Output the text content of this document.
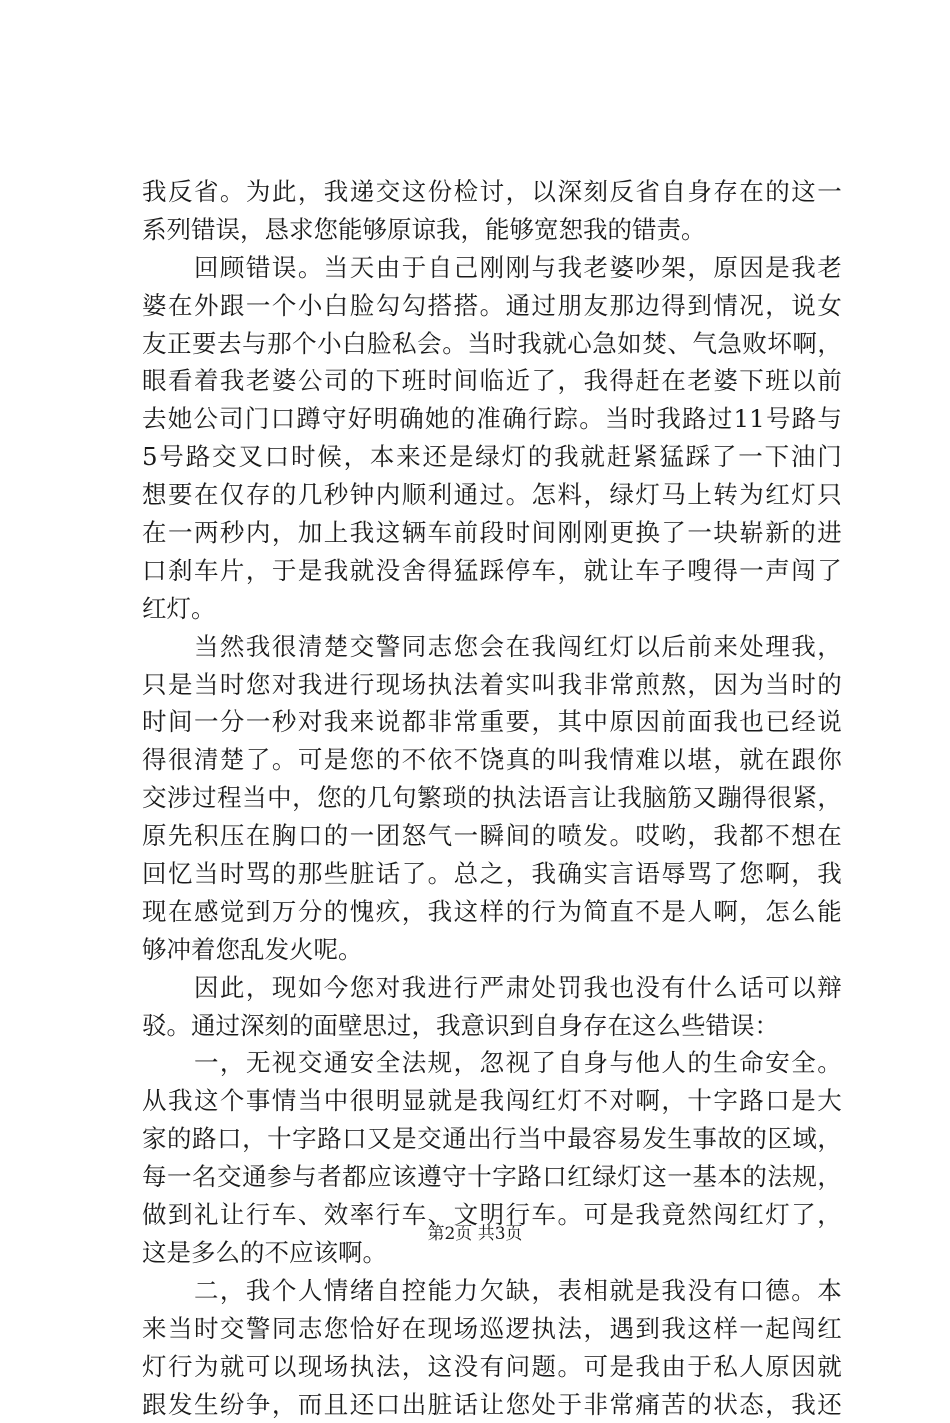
我 反 省 。 为 此 ， 我 递 交 这 份 检 讨 ， 以 深 刻 反 省 自 身 存 在 的 这 一
系列错误，恳求您能够原谅我，能够宽恕我的错责。

回 顾 错 误 。 当 天 由 于 自 己 刚 刚 与 我 老 婆 吵 架 ， 原 因 是 我 老
婆 在 外 跟 一 个 小 白 脸 勾 勾 搭 搭 。 通 过 朋 友 那 边 得 到 情 况 ， 说 女
友 正 要 去 与 那 个 小 白 脸 私 会 。 当 时 我 就 心 急 如 焚 、 气 急 败 坏 啊 ，
眼 看 着 我 老 婆 公 司 的 下 班 时 间 临 近 了 ， 我 得 赶 在 老 婆 下 班 以 前
去 她 公 司 门 口 蹲 守 好 明 确 她 的 准 确 行 踪 。 当 时 我 路 过 11 号 路 与
5 号 路 交 叉 口 时 候 ， 本 来 还 是 绿 灯 的 我 就 赶 紧 猛 踩 了 一 下 油 门
想 要 在 仅 存 的 几 秒 钟 内 顺 利 通 过 。 怎 料 ， 绿 灯 马 上 转 为 红 灯 只
在 一 两 秒 内 ， 加 上 我 这 辆 车 前 段 时 间 刚 刚 更 换 了 一 块 崭 新 的 进
口 刹 车 片 ， 于 是 我 就 没 舍 得 猛 踩 停 车 ， 就 让 车 子 嗖 得 一 声 闯 了
红灯。

当 然 我 很 清 楚 交 警 同 志 您 会 在 我 闯 红 灯 以 后 前 来 处 理 我 ，
只 是 当 时 您 对 我 进 行 现 场 执 法 着 实 叫 我 非 常 煎 熬 ， 因 为 当 时 的
时 间 一 分 一 秒 对 我 来 说 都 非 常 重 要 ， 其 中 原 因 前 面 我 也 已 经 说
得 很 清 楚 了 。 可 是 您 的 不 依 不 饶 真 的 叫 我 情 难 以 堪 ， 就 在 跟 你
交 涉 过 程 当 中 ， 您 的 几 句 繁 琐 的 执 法 语 言 让 我 脑 筋 又 蹦 得 很 紧 ，
原 先 积 压 在 胸 口 的 一 团 怒 气 一 瞬 间 的 喷 发 。 哎 哟 ， 我 都 不 想 在
回 忆 当 时 骂 的 那 些 脏 话 了 。 总 之 ， 我 确 实 言 语 辱 骂 了 您 啊 ， 我
现 在 感 觉 到 万 分 的 愧 疚 ， 我 这 样 的 行 为 简 直 不 是 人 啊 ， 怎 么 能
够冲着您乱发火呢。

因 此 ， 现 如 今 您 对 我 进 行 严 肃 处 罚 我 也 没 有 什 么 话 可 以 辩
驳。通过深刻的面壁思过，我意识到自身存在这么些错误：

一 ， 无 视 交 通 安 全 法 规 ， 忽 视 了 自 身 与 他 人 的 生 命 安 全 。
从 我 这 个 事 情 当 中 很 明 显 就 是 我 闯 红 灯 不 对 啊 ， 十 字 路 口 是 大
家 的 路 口 ， 十 字 路 口 又 是 交 通 出 行 当 中 最 容 易 发 生 事 故 的 区 域 ，
每 一 名 交 通 参 与 者 都 应 该 遵 守 十 字 路 口 红 绿 灯 这 一 基 本 的 法 规 ，
做 到 礼 让 行 车 、 效 率 行 车 、 文 明 行 车 。 可 是 我 竟 然 闯 红 灯 了 ，
这是多么的不应该啊。

二 ， 我 个 人 情 绪 自 控 能 力 欠 缺 ， 表 相 就 是 我 没 有 口 德 。 本
来 当 时 交 警 同 志 您 恰 好 在 现 场 巡 逻 执 法 ， 遇 到 我 这 样 一 起 闯 红
灯 行 为 就 可 以 现 场 执 法 ， 这 没 有 问 题 。 可 是 我 由 于 私 人 原 因 就
跟 发 生 纷 争 ， 而 且 还 口 出 脏 话 让 您 处 于 非 常 痛 苦 的 状 态 ， 我 还
第2页 共3页
